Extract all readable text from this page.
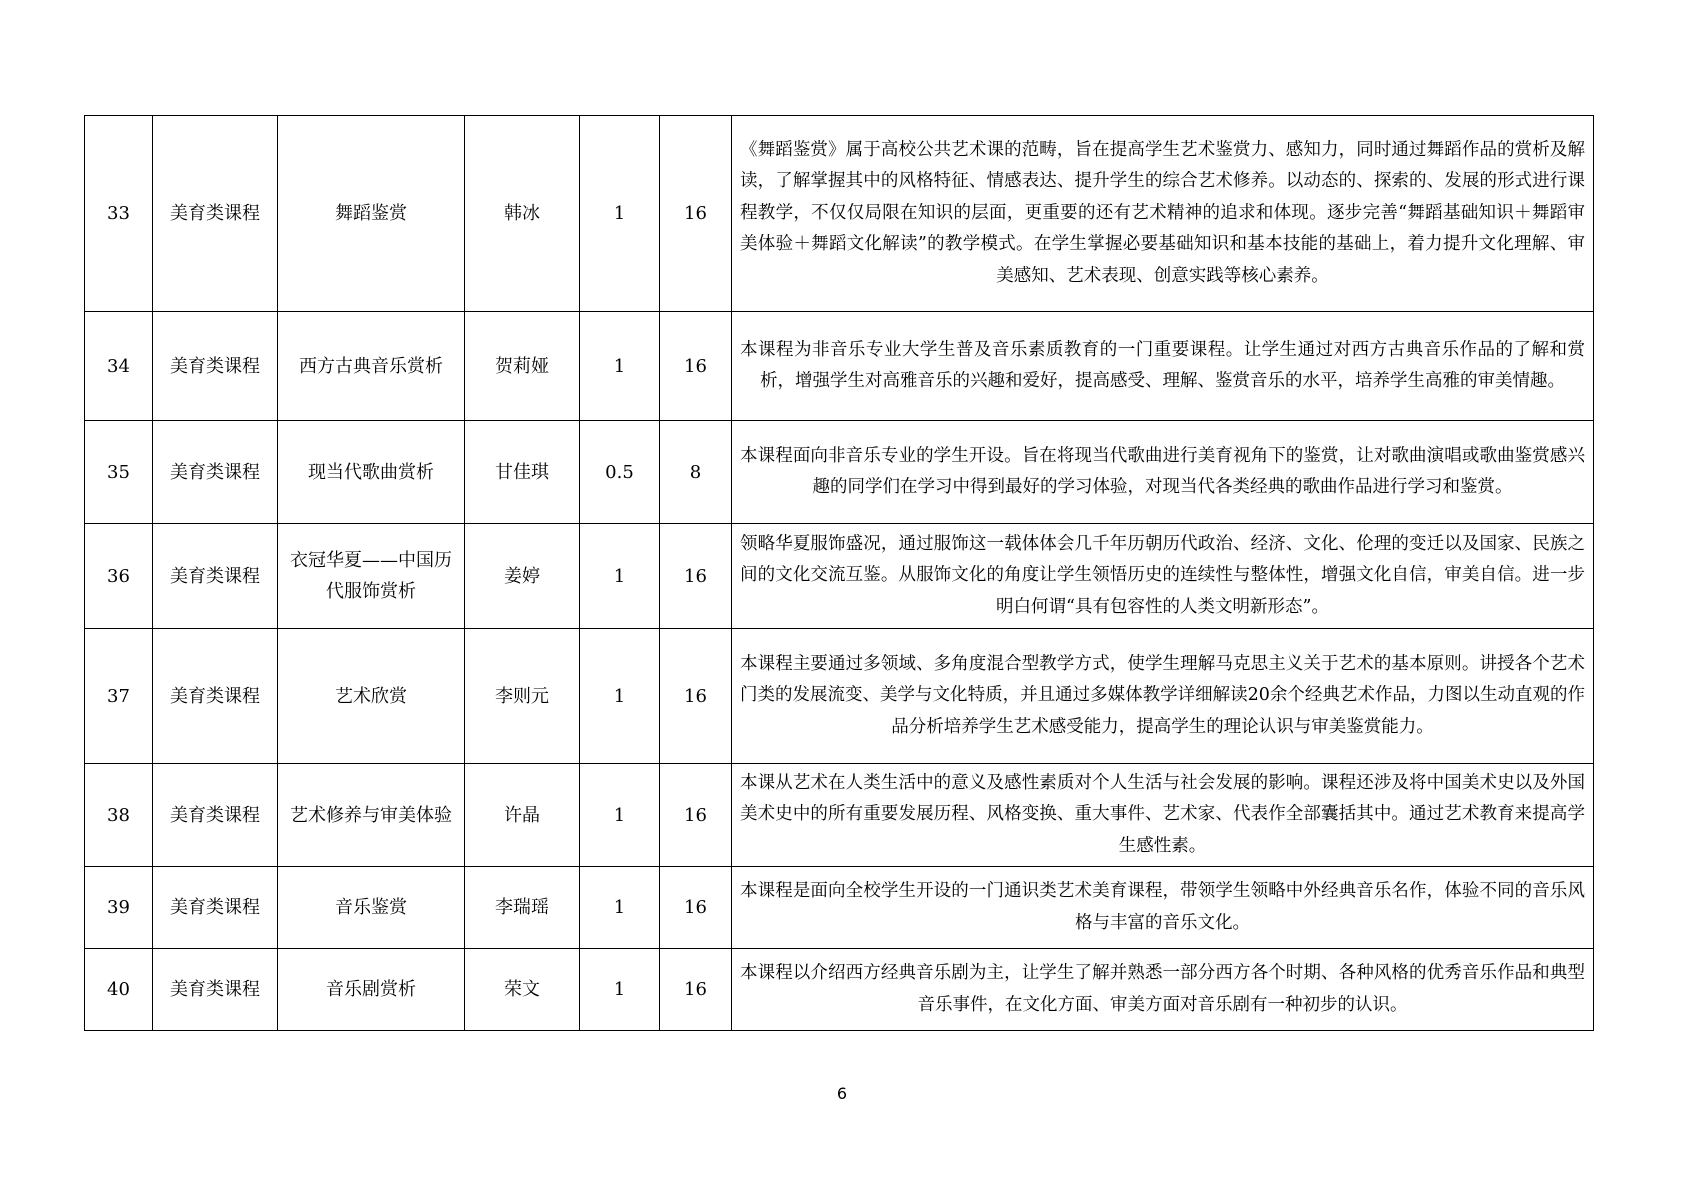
33	美育类课程	舞蹈鉴赏	韩冰	1	16	《舞蹈鉴赏》属于高校公共艺术课的范畴，旨在提高学生艺术鉴赏力、感知力，同时通过舞蹈作品的赏析及解读，了解掌握其中的风格特征、情感表达、提升学生的综合艺术修养。以动态的、探索的、发展的形式进行课程教学，不仅仅局限在知识的层面，更重要的还有艺术精神的追求和体现。逐步完善“舞蹈基础知识＋舞蹈审美体验＋舞蹈文化解读”的教学模式。在学生掌握必要基础知识和基本技能的基础上，着力提升文化理解、审美感知、艺术表现、创意实践等核心素养。
34	美育类课程	西方古典音乐赏析	贺莉娅	1	16	本课程为非音乐专业大学生普及音乐素质教育的一门重要课程。让学生通过对西方古典音乐作品的了解和赏析，增强学生对高雅音乐的兴趣和爱好，提高感受、理解、鉴赏音乐的水平，培养学生高雅的审美情趣。
35	美育类课程	现当代歌曲赏析	甘佳琪	0.5	8	本课程面向非音乐专业的学生开设。旨在将现当代歌曲进行美育视角下的鉴赏，让对歌曲演唱或歌曲鉴赏感兴趣的同学们在学习中得到最好的学习体验，对现当代各类经典的歌曲作品进行学习和鉴赏。
36	美育类课程	衣冠华夏——中国历代服饰赏析	姜婷	1	16	领略华夏服饰盛况，通过服饰这一载体体会几千年历朝历代政治、经济、文化、伦理的变迁以及国家、民族之间的文化交流互鉴。从服饰文化的角度让学生领悟历史的连续性与整体性，增强文化自信，审美自信。进一步明白何谓“具有包容性的人类文明新形态”。
37	美育类课程	艺术欣赏	李则元	1	16	本课程主要通过多领域、多角度混合型教学方式，使学生理解马克思主义关于艺术的基本原则。讲授各个艺术门类的发展流变、美学与文化特质，并且通过多媒体教学详细解读20余个经典艺术作品，力图以生动直观的作品分析培养学生艺术感受能力，提高学生的理论认识与审美鉴赏能力。
38	美育类课程	艺术修养与审美体验	许晶	1	16	本课从艺术在人类生活中的意义及感性素质对个人生活与社会发展的影响。课程还涉及将中国美术史以及外国美术史中的所有重要发展历程、风格变换、重大事件、艺术家、代表作全部囊括其中。通过艺术教育来提高学生感性素。
39	美育类课程	音乐鉴赏	李瑞瑶	1	16	本课程是面向全校学生开设的一门通识类艺术美育课程，带领学生领略中外经典音乐名作，体验不同的音乐风格与丰富的音乐文化。
40	美育类课程	音乐剧赏析	荣文	1	16	本课程以介绍西方经典音乐剧为主，让学生了解并熟悉一部分西方各个时期、各种风格的优秀音乐作品和典型音乐事件，在文化方面、审美方面对音乐剧有一种初步的认识。
6
